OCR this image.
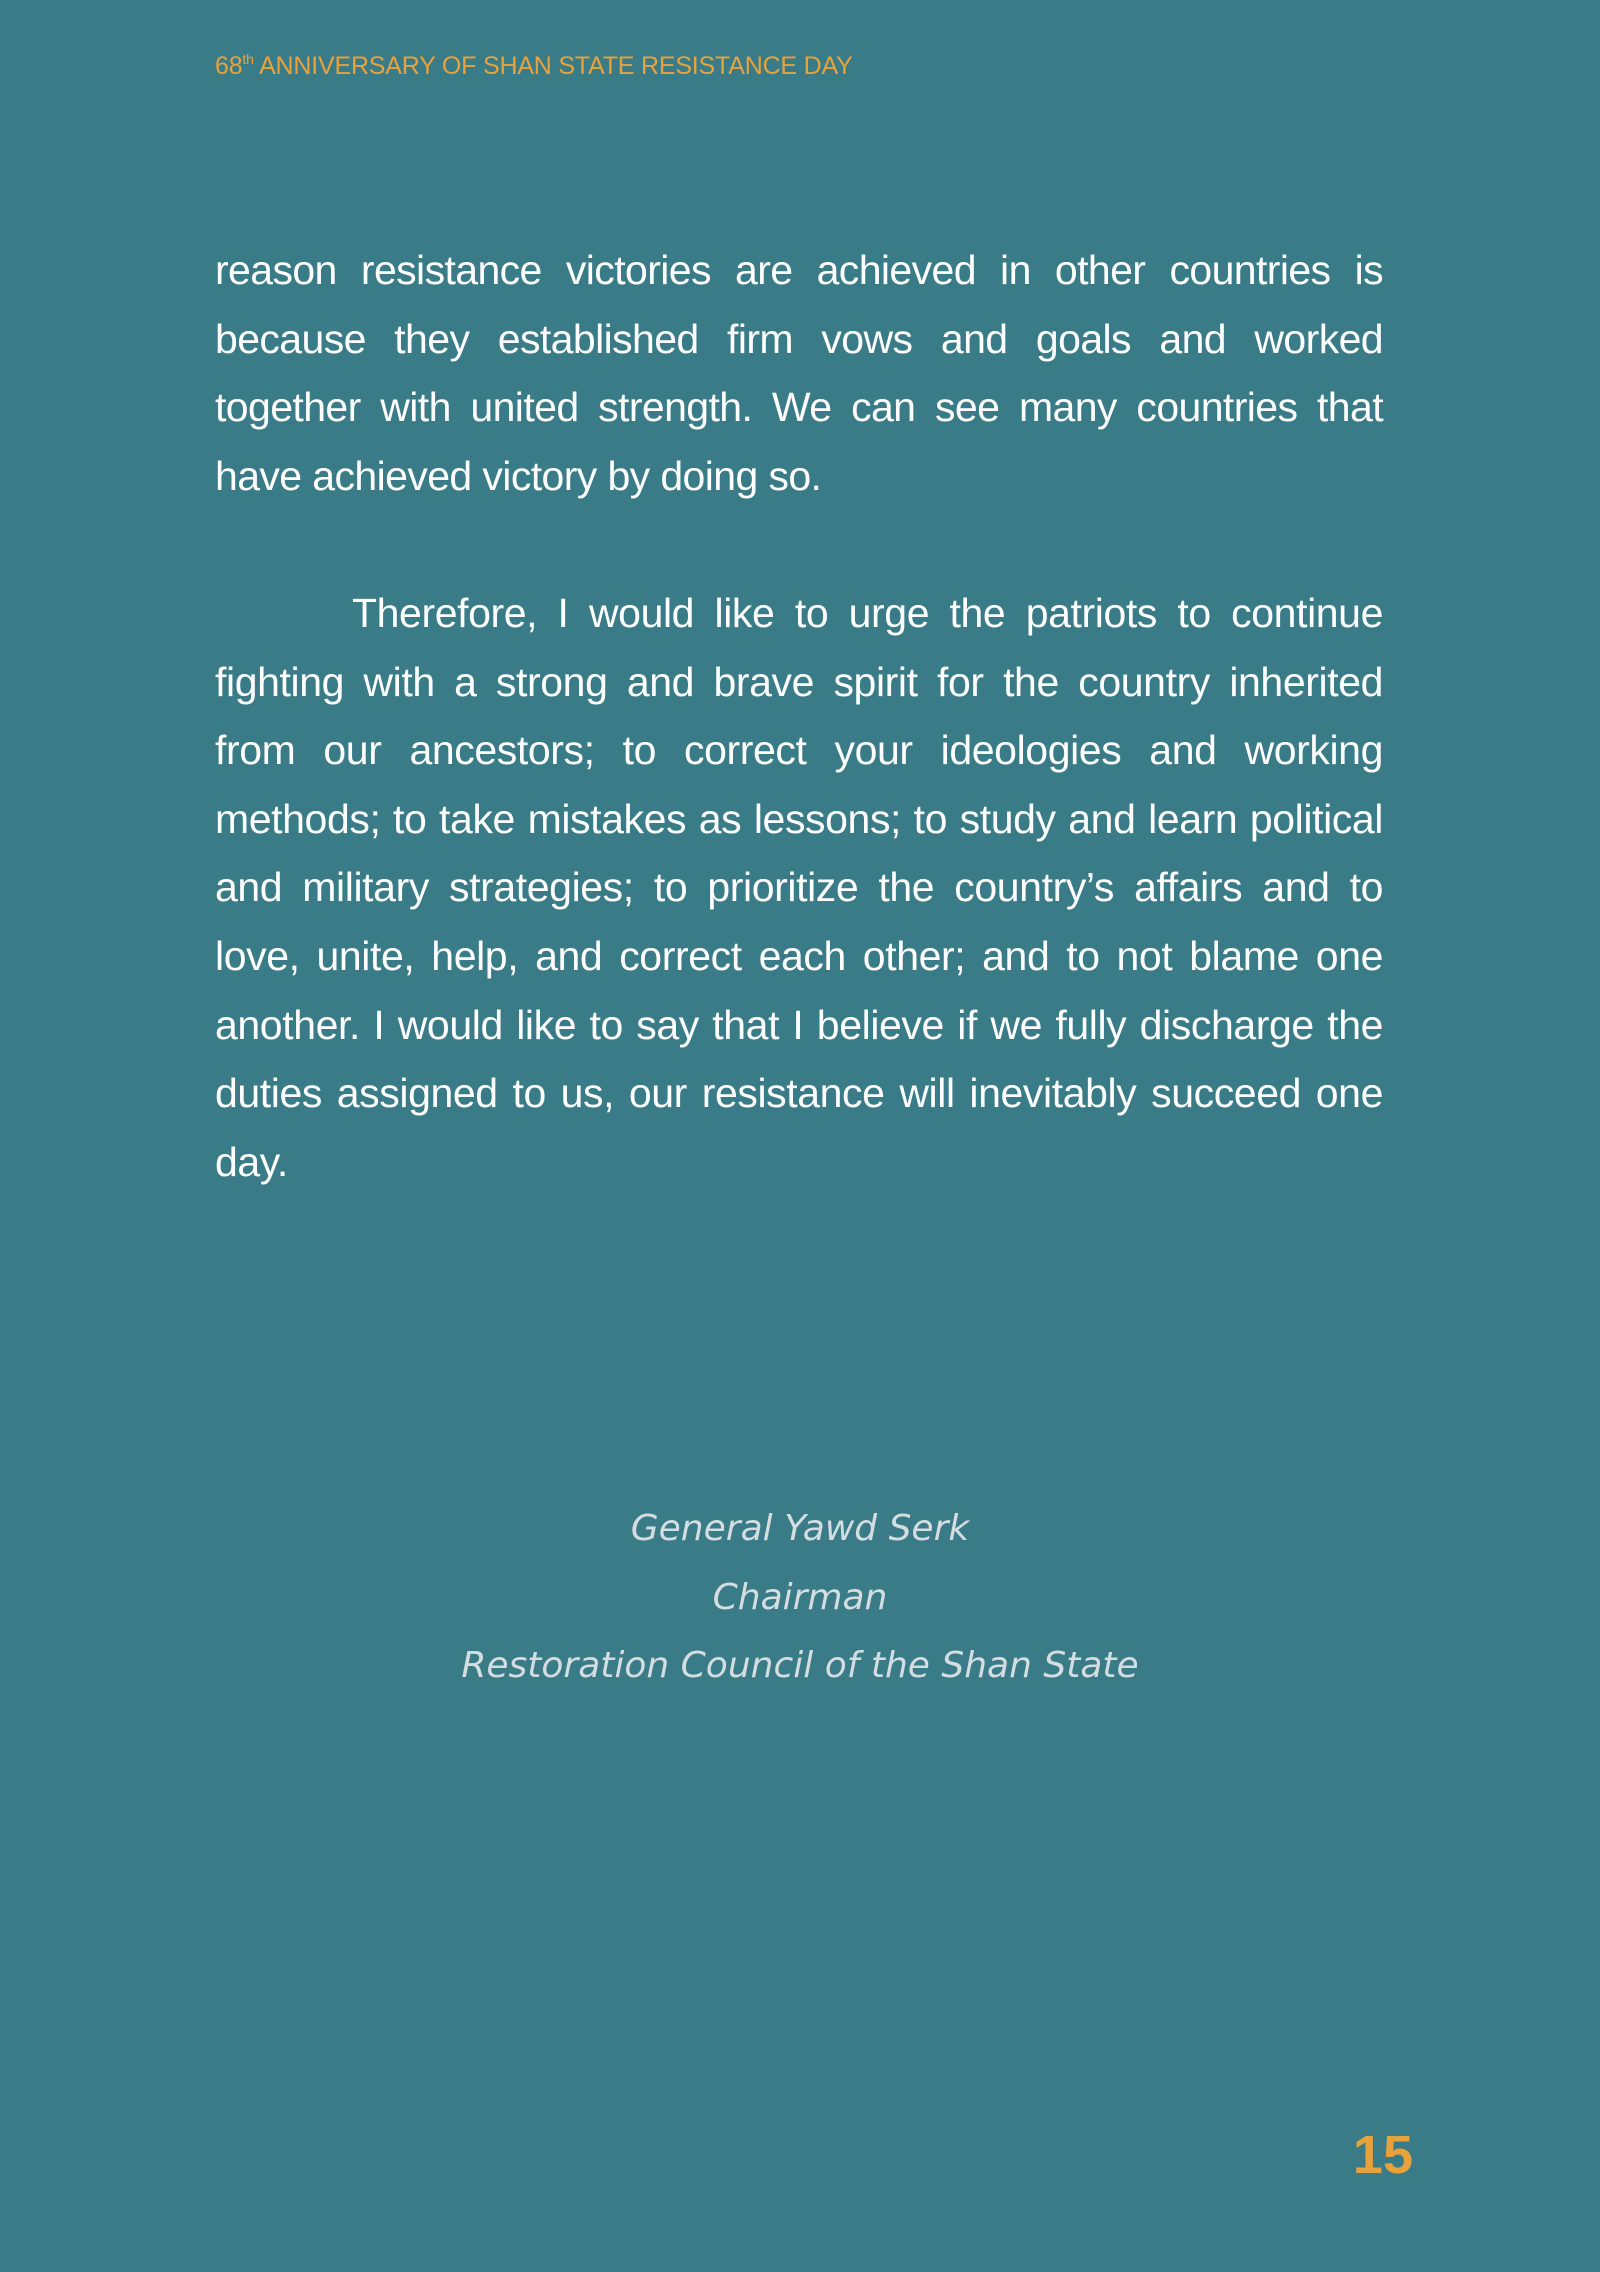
68th ANNIVERSARY OF SHAN STATE RESISTANCE DAY

reason resistance victories are achieved in other countries is because they established firm vows and goals and worked together with united strength. We can see many countries that have achieved victory by doing so.

Therefore, I would like to urge the patriots to continue fighting with a strong and brave spirit for the country inherited from our ancestors; to correct your ideologies and working methods; to take mistakes as lessons; to study and learn political and military strategies; to prioritize the country’s affairs and to love, unite, help, and correct each other; and to not blame one another. I would like to say that I believe if we fully discharge the duties assigned to us, our resistance will inevitably succeed one day.

General Yawd Serk
Chairman
Restoration Council of the Shan State
15
